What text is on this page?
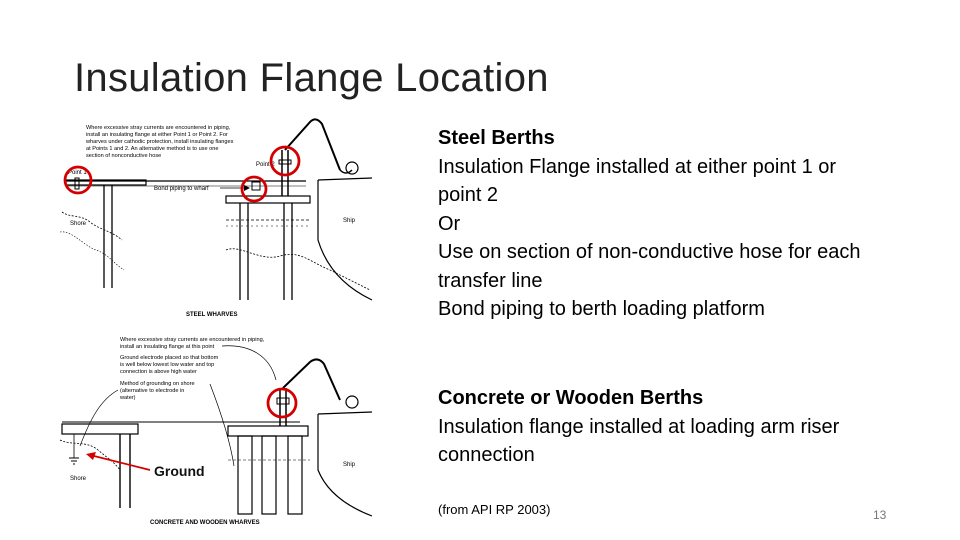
Insulation Flange Location
Where excessive stray currents are encountered in piping,
install an insulating flange at either Point 1 or Point 2. For
wharves under cathodic protection, install insulating flanges
at Points 1 and 2. An alternative method is to use one
section of nonconductive hose
Shore
Point 1
Bond piping to wharf
Point 2
Ship
STEEL WHARVES
Where excessive stray currents are encountered in piping,
install an insulating flange at this point
Ground electrode placed so that bottom
is well below lowest low water and top
connection is above high water
Method of grounding on shore
(alternative to electrode in
water)
Shore	Ground	Ship
CONCRETE AND WOODEN WHARVES
Steel Berths
Insulation Flange installed at either point 1 or
point 2
Or
Use on section of non-conductive hose for each
transfer line
Bond piping to berth loading platform
Concrete or Wooden Berths
Insulation flange installed at loading arm riser
connection
(from API RP 2003)	13
